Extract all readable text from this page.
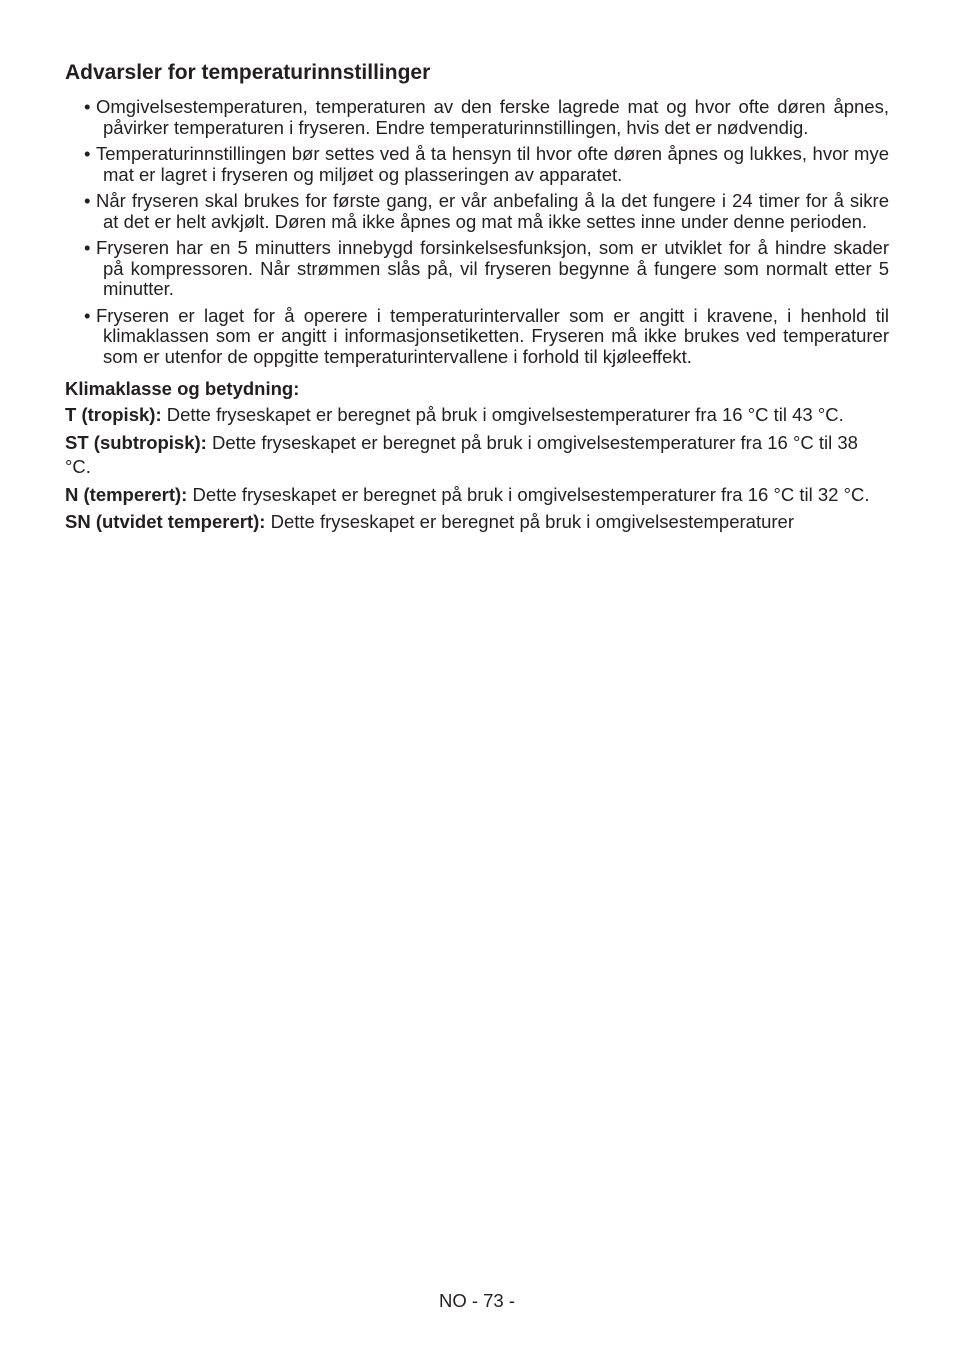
Advarsler for temperaturinnstillinger
• Omgivelsestemperaturen, temperaturen av den ferske lagrede mat og hvor ofte døren åpnes, påvirker temperaturen i fryseren. Endre temperaturinnstillingen, hvis det er nødvendig.
• Temperaturinnstillingen bør settes ved å ta hensyn til hvor ofte døren åpnes og lukkes, hvor mye mat er lagret i fryseren og miljøet og plasseringen av apparatet.
• Når fryseren skal brukes for første gang, er vår anbefaling å la det fungere i 24 timer for å sikre at det er helt avkjølt. Døren må ikke åpnes og mat må ikke settes inne under denne perioden.
• Fryseren har en 5 minutters innebygd forsinkelsesfunksjon, som er utviklet for å hindre skader på kompressoren. Når strømmen slås på, vil fryseren begynne å fungere som normalt etter 5 minutter.
• Fryseren er laget for å operere i temperaturintervaller som er angitt i kravene, i henhold til klimaklassen som er angitt i informasjonsetiketten. Fryseren må ikke brukes ved temperaturer som er utenfor de oppgitte temperaturintervallene i forhold til kjøleeffekt.
Klimaklasse og betydning:
T (tropisk): Dette fryseskapet er beregnet på bruk i omgivelsestemperaturer fra 16 °C til 43 °C.
ST (subtropisk): Dette fryseskapet er beregnet på bruk i omgivelsestemperaturer fra 16 °C til 38 °C.
N (temperert): Dette fryseskapet er beregnet på bruk i omgivelsestemperaturer fra 16 °C til 32 °C.
SN (utvidet temperert): Dette fryseskapet er beregnet på bruk i omgivelsestemperaturer
NO - 73 -
